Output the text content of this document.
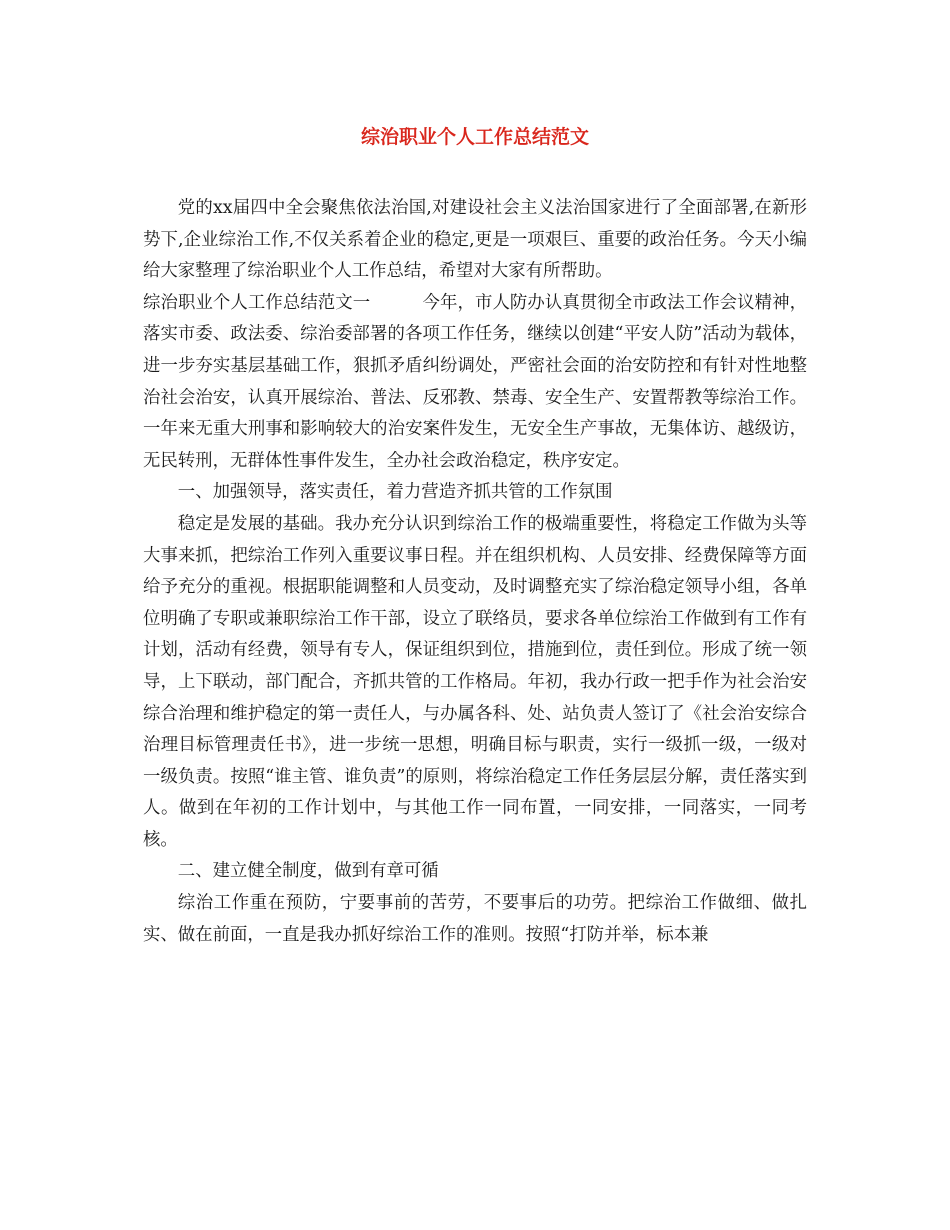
综治职业个人工作总结范文

党的xx届四中全会聚焦依法治国,对建设社会主义法治国家进行了全面部署,在新形势下,企业综治工作,不仅关系着企业的稳定,更是一项艰巨、重要的政治任务。今天小编给大家整理了综治职业个人工作总结，希望对大家有所帮助。

综治职业个人工作总结范文一	今年，市人防办认真贯彻全市政法工作会议精神，落实市委、政法委、综治委部署的各项工作任务，继续以创建“平安人防”活动为载体，进一步夯实基层基础工作，狠抓矛盾纠纷调处，严密社会面的治安防控和有针对性地整治社会治安，认真开展综治、普法、反邪教、禁毒、安全生产、安置帮教等综治工作。一年来无重大刑事和影响较大的治安案件发生，无安全生产事故，无集体访、越级访，无民转刑，无群体性事件发生，全办社会政治稳定，秩序安定。

一、加强领导，落实责任，着力营造齐抓共管的工作氛围

稳定是发展的基础。我办充分认识到综治工作的极端重要性，将稳定工作做为头等大事来抓，把综治工作列入重要议事日程。并在组织机构、人员安排、经费保障等方面给予充分的重视。根据职能调整和人员变动，及时调整充实了综治稳定领导小组，各单位明确了专职或兼职综治工作干部，设立了联络员，要求各单位综治工作做到有工作有计划，活动有经费，领导有专人，保证组织到位，措施到位，责任到位。形成了统一领导，上下联动，部门配合，齐抓共管的工作格局。年初，我办行政一把手作为社会治安综合治理和维护稳定的第一责任人，与办属各科、处、站负责人签订了《社会治安综合治理目标管理责任书》，进一步统一思想，明确目标与职责，实行一级抓一级，一级对一级负责。按照“谁主管、谁负责”的原则，将综治稳定工作任务层层分解，责任落实到人。做到在年初的工作计划中，与其他工作一同布置，一同安排，一同落实，一同考核。

二、建立健全制度，做到有章可循

综治工作重在预防，宁要事前的苦劳，不要事后的功劳。把综治工作做细、做扎实、做在前面，一直是我办抓好综治工作的准则。按照“打防并举，标本兼
